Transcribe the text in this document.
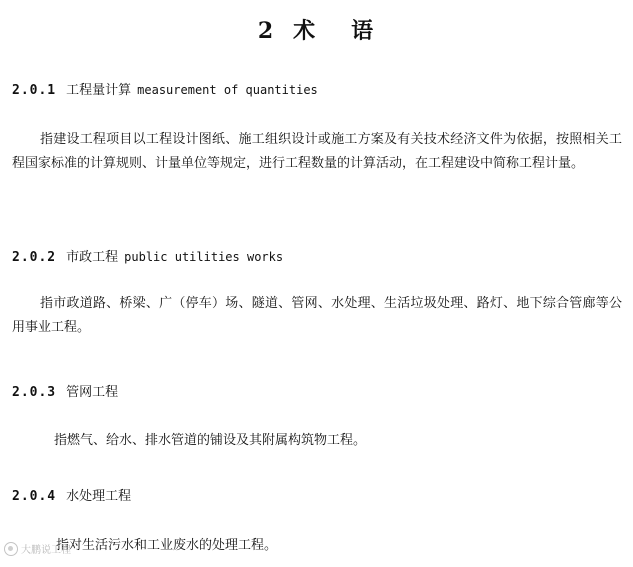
2 术 语

2.0.1 工程量计算 measurement of quantities

指建设工程项目以工程设计图纸、施工组织设计或施工方案及有关技术经济文件为依据，按照相关工程国家标准的计算规则、计量单位等规定，进行工程数量的计算活动，在工程建设中简称工程计量。

2.0.2 市政工程 public utilities works

指市政道路、桥梁、广（停车）场、隧道、管网、水处理、生活垃圾处理、路灯、地下综合管廊等公用事业工程。

2.0.3 管网工程

指燃气、给水、排水管道的铺设及其附属构筑物工程。

2.0.4 水处理工程

指对生活污水和工业废水的处理工程。

大鹏说工程
